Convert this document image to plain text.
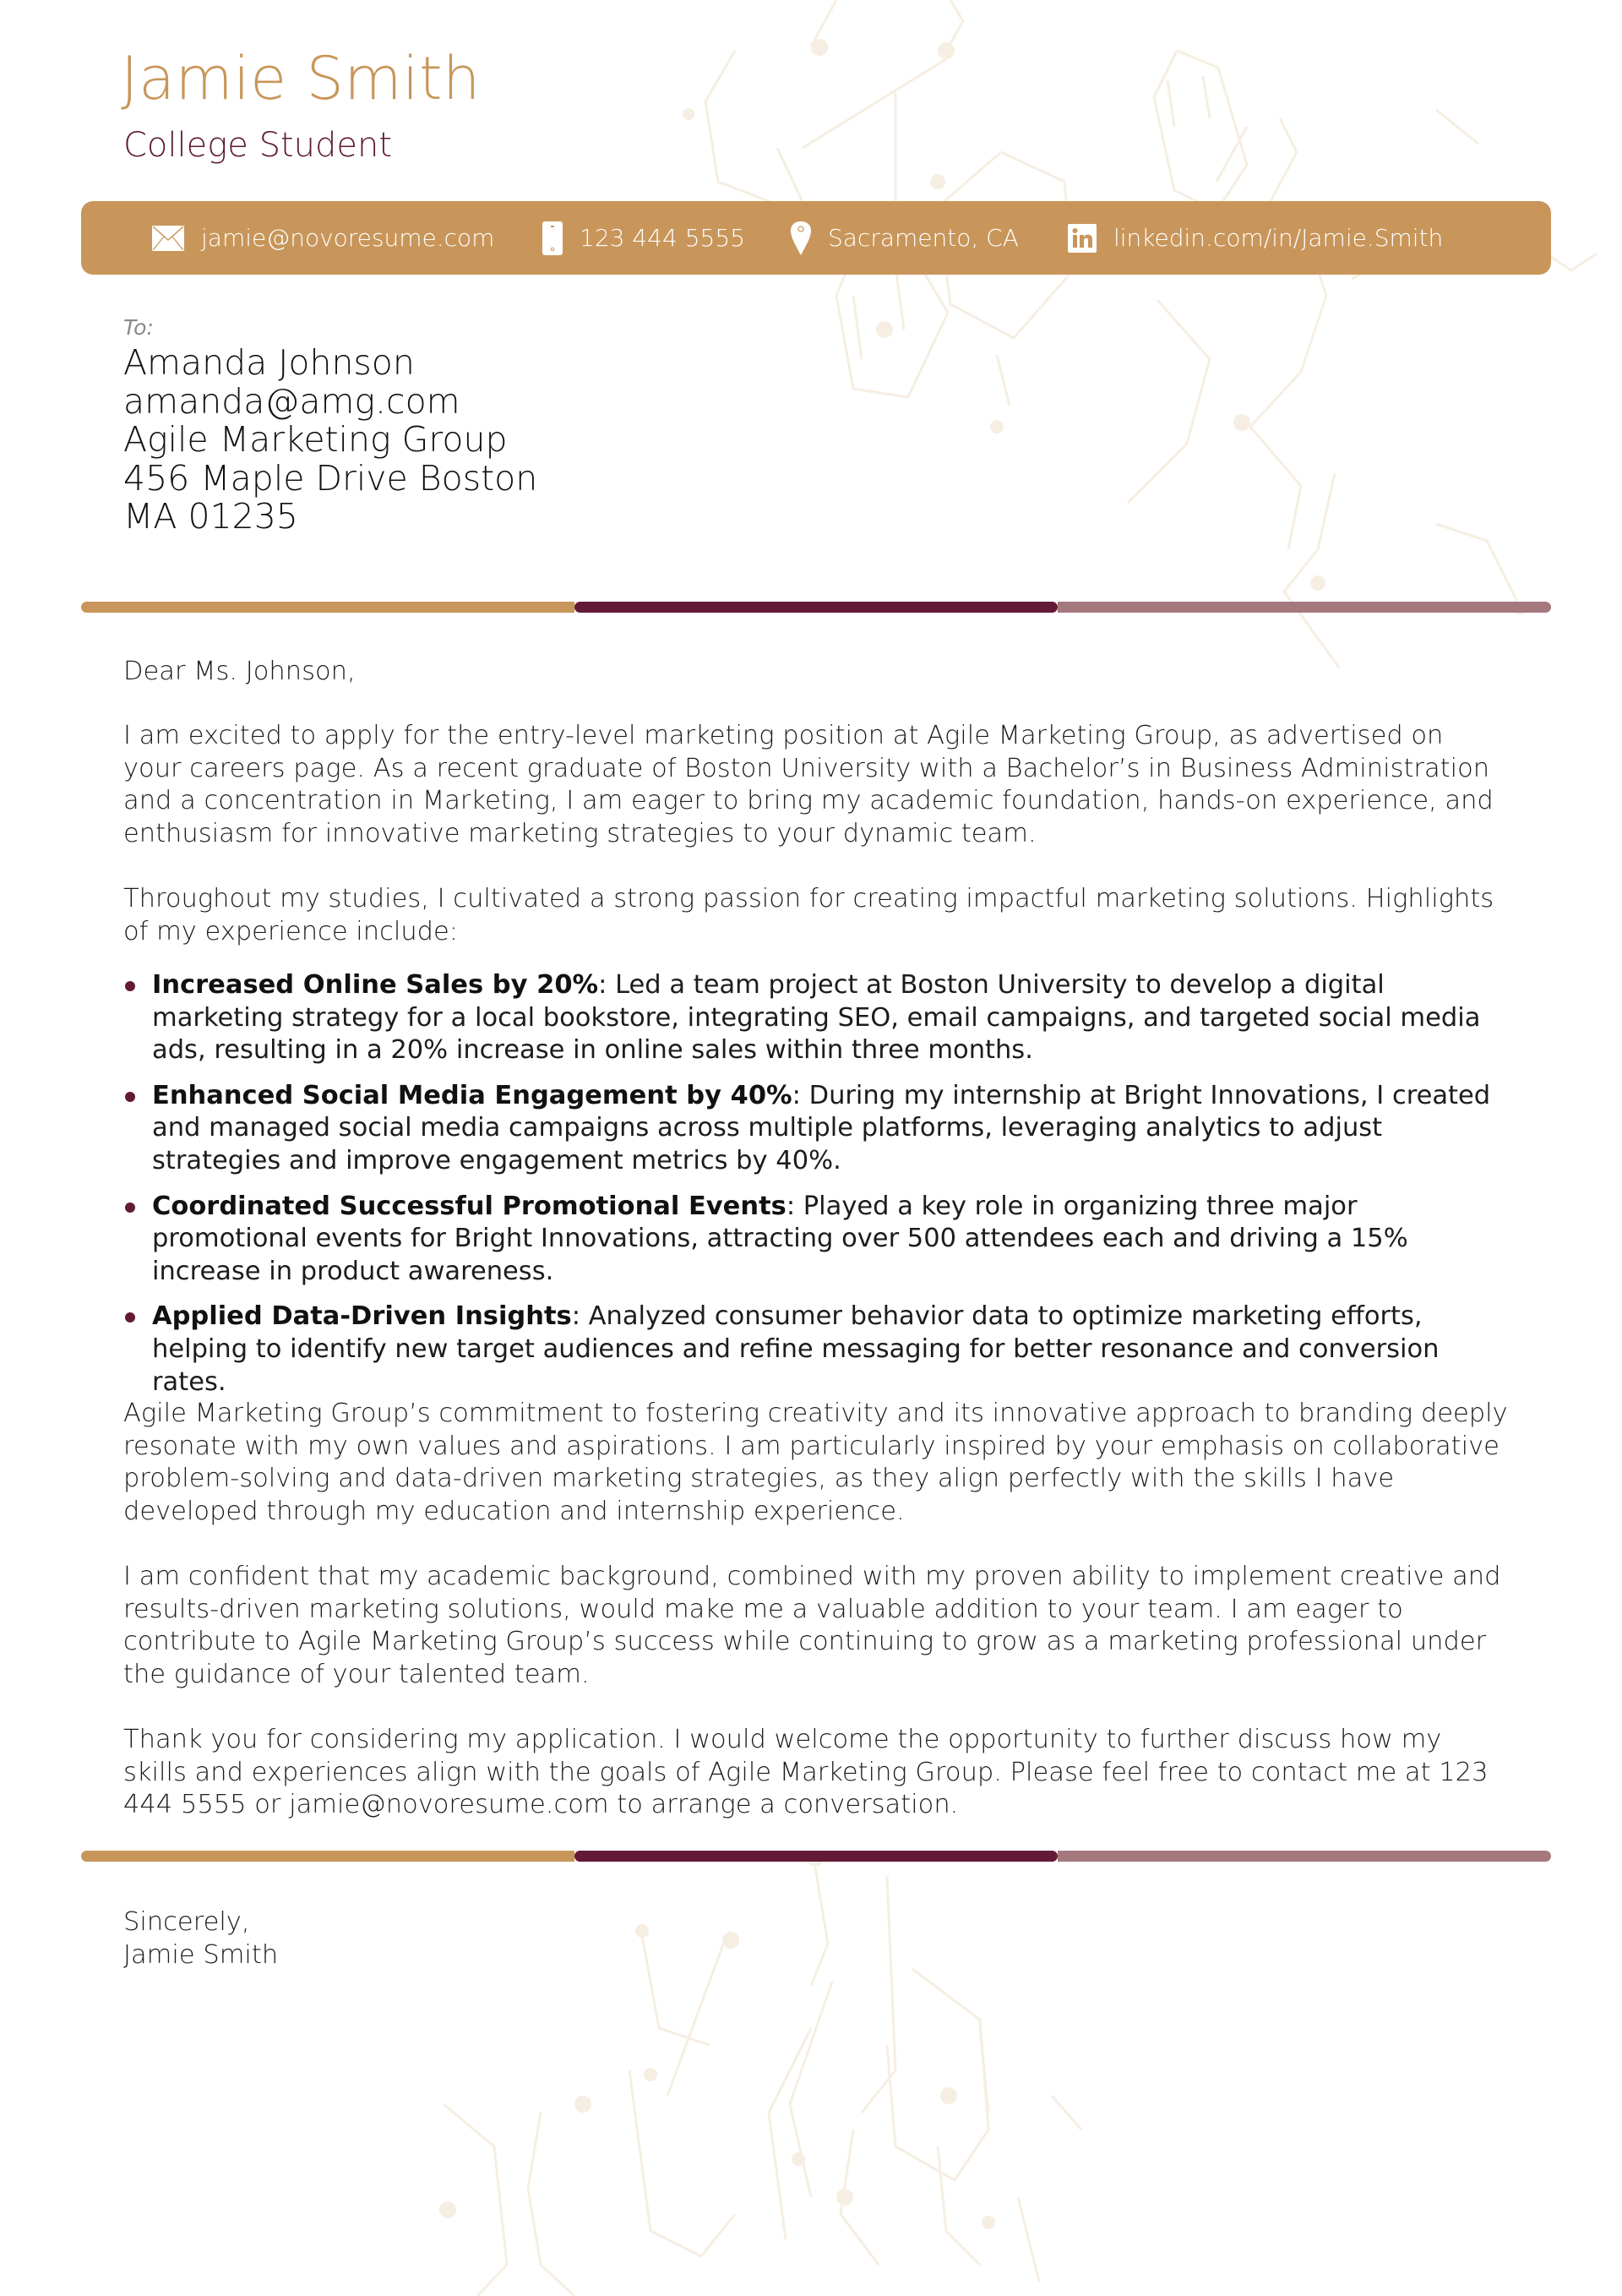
Jamie Smith
College Student
jamie@novoresume.com	123 444 5555	Sacramento, CA	linkedin.com/in/Jamie.Smith
To:
Amanda Johnson
amanda@amg.com
Agile Marketing Group
456 Maple Drive Boston
MA 01235
Dear Ms. Johnson,

I am excited to apply for the entry-level marketing position at Agile Marketing Group, as advertised on your careers page. As a recent graduate of Boston University with a Bachelor’s in Business Administration and a concentration in Marketing, I am eager to bring my academic foundation, hands-on experience, and enthusiasm for innovative marketing strategies to your dynamic team.

Throughout my studies, I cultivated a strong passion for creating impactful marketing solutions. Highlights of my experience include:

Increased Online Sales by 20%: Led a team project at Boston University to develop a digital marketing strategy for a local bookstore, integrating SEO, email campaigns, and targeted social media ads, resulting in a 20% increase in online sales within three months.
Enhanced Social Media Engagement by 40%: During my internship at Bright Innovations, I created and managed social media campaigns across multiple platforms, leveraging analytics to adjust strategies and improve engagement metrics by 40%.
Coordinated Successful Promotional Events: Played a key role in organizing three major promotional events for Bright Innovations, attracting over 500 attendees each and driving a 15% increase in product awareness.
Applied Data-Driven Insights: Analyzed consumer behavior data to optimize marketing efforts, helping to identify new target audiences and refine messaging for better resonance and conversion rates.

Agile Marketing Group’s commitment to fostering creativity and its innovative approach to branding deeply resonate with my own values and aspirations. I am particularly inspired by your emphasis on collaborative problem-solving and data-driven marketing strategies, as they align perfectly with the skills I have developed through my education and internship experience.

I am confident that my academic background, combined with my proven ability to implement creative and results-driven marketing solutions, would make me a valuable addition to your team. I am eager to contribute to Agile Marketing Group’s success while continuing to grow as a marketing professional under the guidance of your talented team.

Thank you for considering my application. I would welcome the opportunity to further discuss how my skills and experiences align with the goals of Agile Marketing Group. Please feel free to contact me at 123 444 5555 or jamie@novoresume.com to arrange a conversation.

Sincerely,
Jamie Smith
